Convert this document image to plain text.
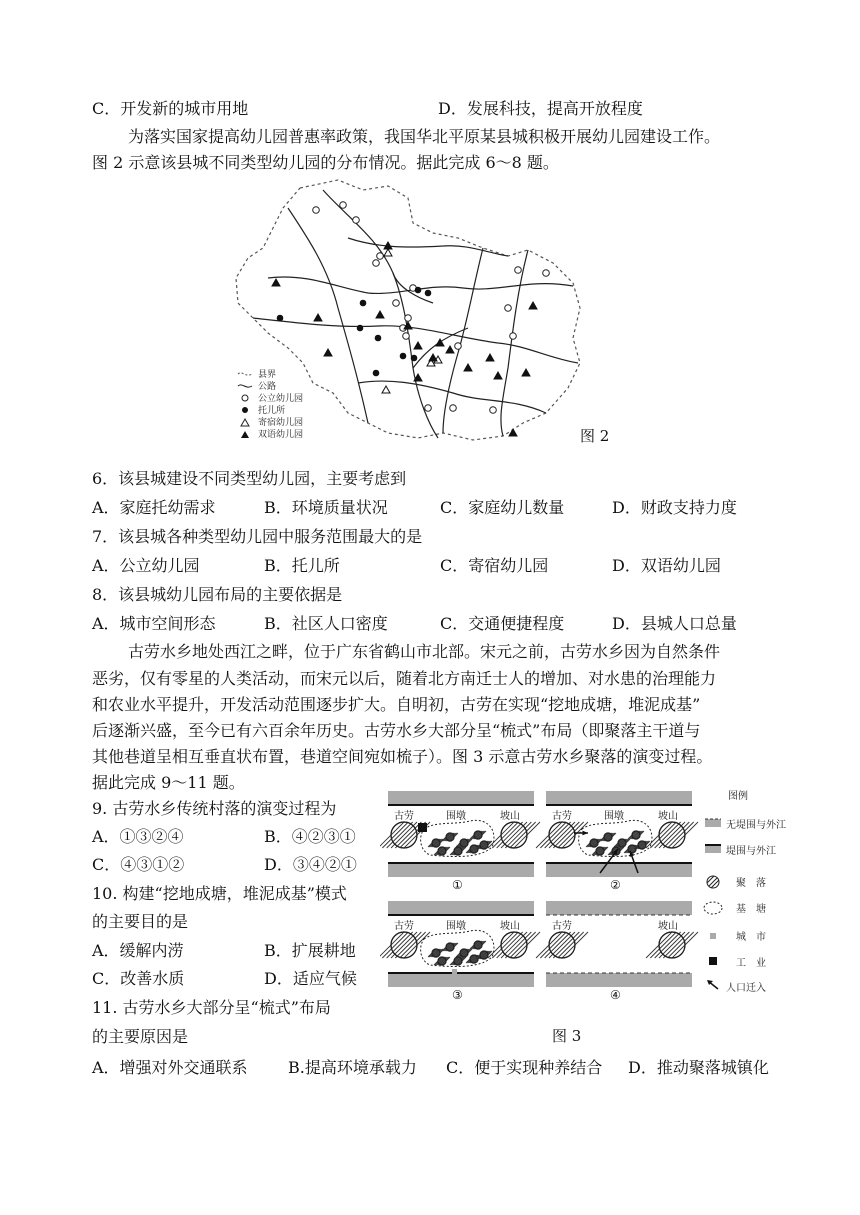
C．开发新的城市用地	D．发展科技，提高开放程度
为落实国家提高幼儿园普惠率政策，我国华北平原某县城积极开展幼儿园建设工作。
图 2 示意该县城不同类型幼儿园的分布情况。据此完成 6～8 题。
县界
公路
公立幼儿园
托儿所
寄宿幼儿园
双语幼儿园	图 2
6．该县城建设不同类型幼儿园，主要考虑到
A．家庭托幼需求	B．环境质量状况	C．家庭幼儿数量	D．财政支持力度
7．该县城各种类型幼儿园中服务范围最大的是
A．公立幼儿园	B．托儿所	C．寄宿幼儿园	D．双语幼儿园
8．该县城幼儿园布局的主要依据是
A．城市空间形态	B．社区人口密度	C．交通便捷程度	D．县城人口总量
古劳水乡地处西江之畔，位于广东省鹤山市北部。宋元之前，古劳水乡因为自然条件
恶劣，仅有零星的人类活动，而宋元以后，随着北方南迁士人的增加、对水患的治理能力
和农业水平提升，开发活动范围逐步扩大。自明初，古劳在实现“挖地成塘，堆泥成基”
后逐渐兴盛，至今已有六百余年历史。古劳水乡大部分呈“梳式”布局（即聚落主干道与
其他巷道呈相互垂直状布置，巷道空间宛如梳子）。图 3 示意古劳水乡聚落的演变过程。
据此完成 9～11 题。
9. 古劳水乡传统村落的演变过程为
A．①③②④	B．④②③①
C．④③①②	D．③④②①
10. 构建“挖地成塘，堆泥成基”模式
的主要目的是
A．缓解内涝	B．扩展耕地
C．改善水质	D．适应气候
11. 古劳水乡大部分呈“梳式”布局
的主要原因是
A．增强对外交通联系	B.提高环境承载力 C．便于实现种养结合 D．推动聚落城镇化
古劳	坡山
围墩
①
古劳	坡山
围墩
②
古劳	坡山
围墩
③
古劳	坡山
④
图例
无堤围与外江
堤围与外江
聚　落
基　塘
城　市
工　业
人口迁入
图 3
